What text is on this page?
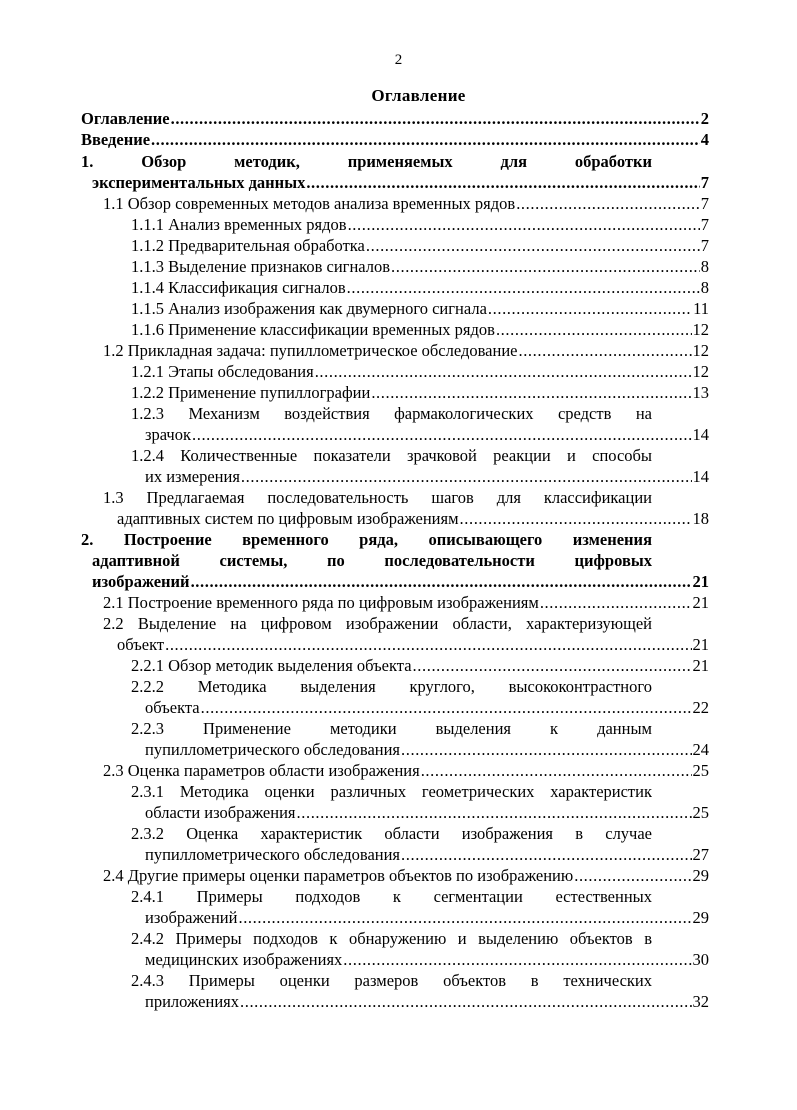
2
Оглавление
Оглавление .....	2
Введение .....	4
1. Обзор методик, применяемых для обработки
экспериментальных данных .....	7
1.1 Обзор современных методов анализа временных рядов .....	7
1.1.1 Анализ временных рядов .....	7
1.1.2 Предварительная обработка .....	7
1.1.3 Выделение признаков сигналов .....	8
1.1.4 Классификация сигналов .....	8
1.1.5 Анализ изображения как двумерного сигнала .....	11
1.1.6 Применение классификации временных рядов .....	12
1.2 Прикладная задача: пупиллометрическое обследование .....	12
1.2.1 Этапы обследования .....	12
1.2.2 Применение пупиллографии .....	13
1.2.3 Механизм воздействия фармакологических средств на
зрачок .....	14
1.2.4 Количественные показатели зрачковой реакции и способы
их измерения .....	14
1.3 Предлагаемая последовательность шагов для классификации
адаптивных систем по цифровым изображениям .....	18
2. Построение временного ряда, описывающего изменения
адаптивной системы, по последовательности цифровых
изображений .....	21
2.1 Построение временного ряда по цифровым изображениям .....	21
2.2 Выделение на цифровом изображении области, характеризующей
объект .....	21
2.2.1 Обзор методик выделения объекта .....	21
2.2.2 Методика выделения круглого, высококонтрастного
объекта .....	22
2.2.3 Применение методики выделения к данным
пупиллометрического обследования .....	24
2.3 Оценка параметров области изображения .....	25
2.3.1 Методика оценки различных геометрических характеристик
области изображения .....	25
2.3.2 Оценка характеристик области изображения в случае
пупиллометрического обследования .....	27
2.4 Другие примеры оценки параметров объектов по изображению .....	29
2.4.1 Примеры подходов к сегментации естественных
изображений .....	29
2.4.2 Примеры подходов к обнаружению и выделению объектов в
медицинских изображениях .....	30
2.4.3 Примеры оценки размеров объектов в технических
приложениях .....	32
